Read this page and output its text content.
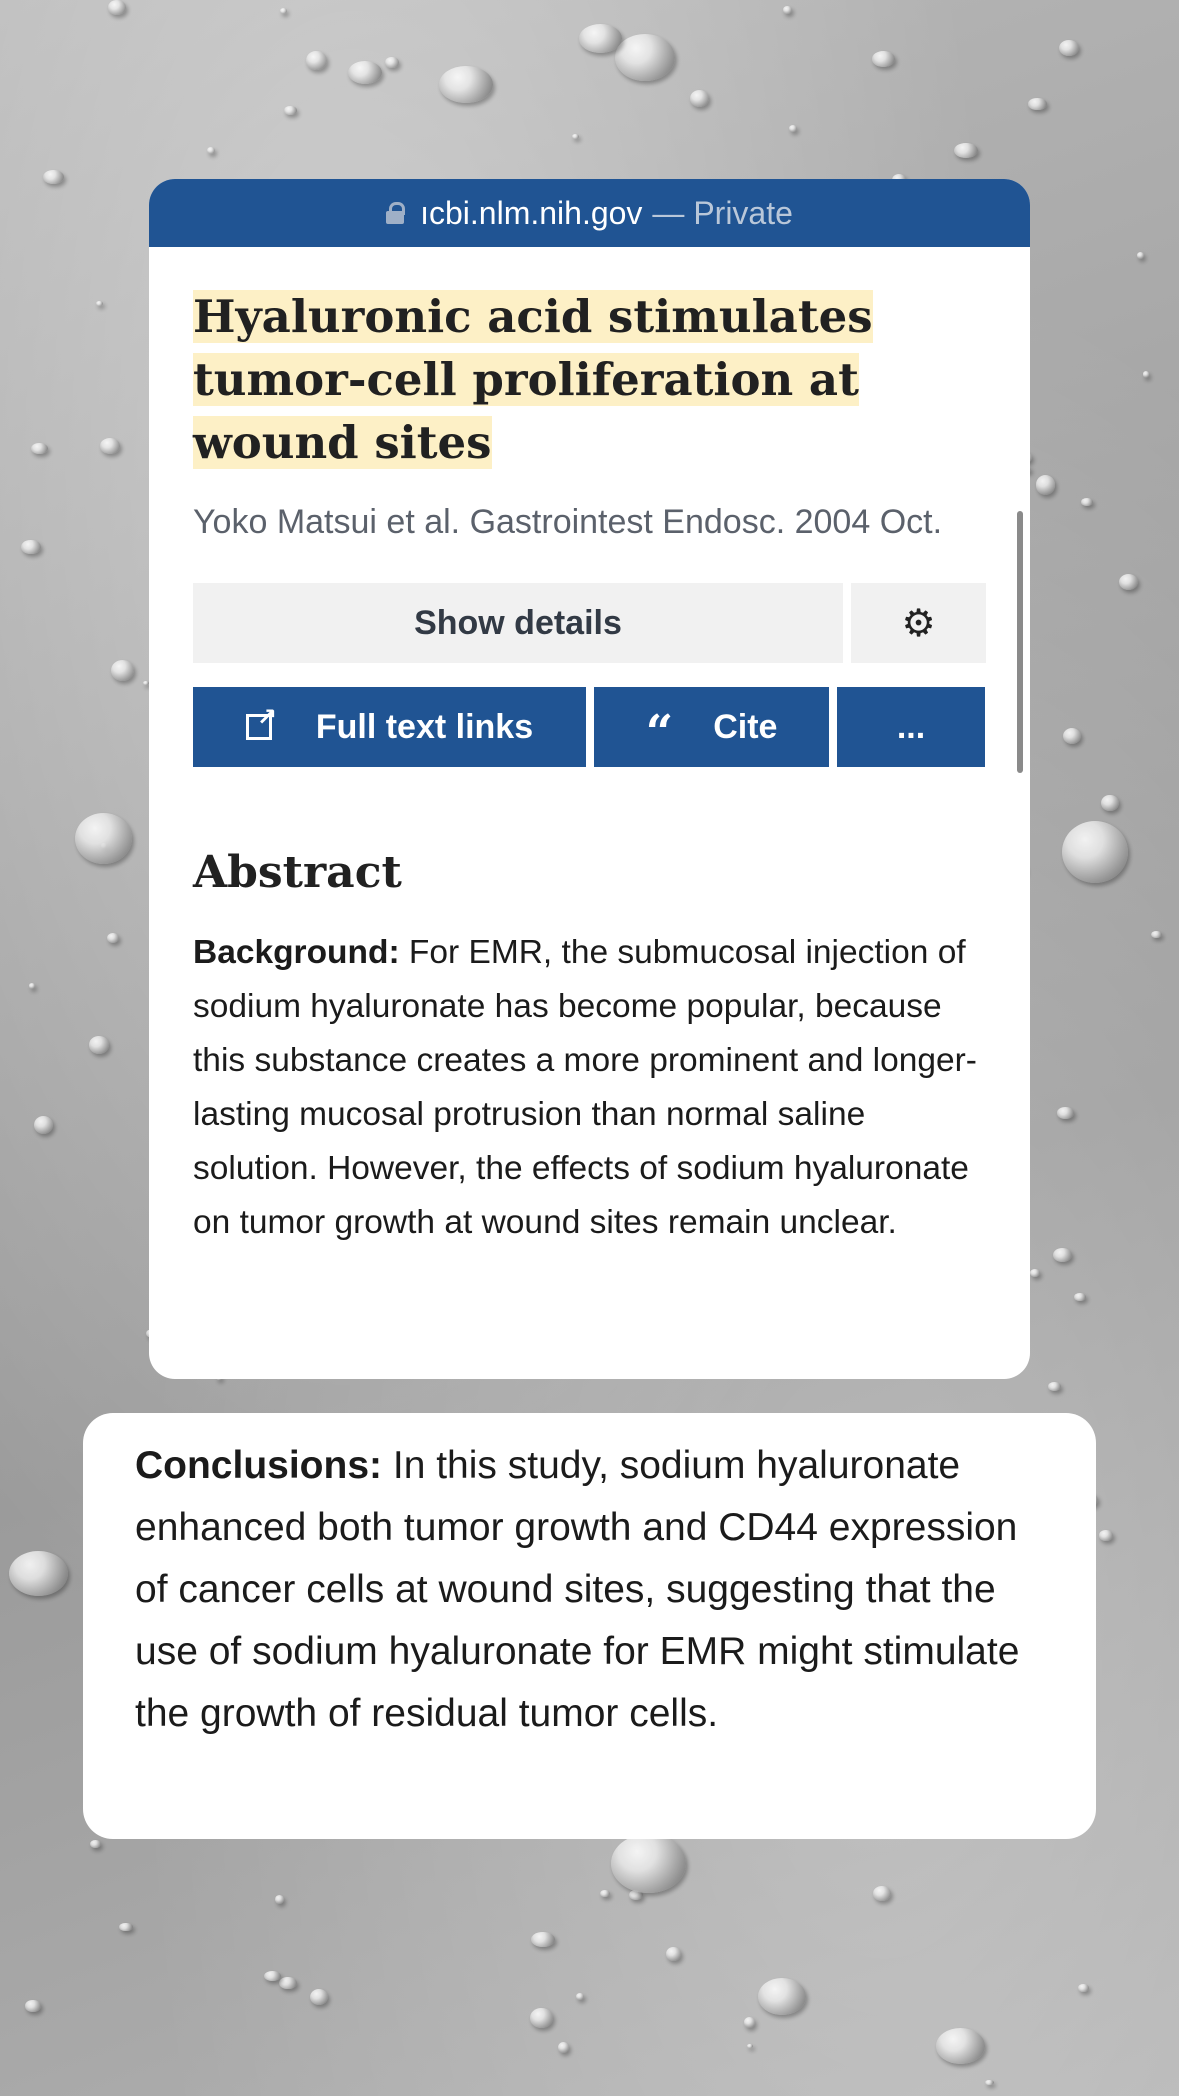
ıcbi.nlm.nih.gov — Private
Hyaluronic acid stimulates tumor-cell proliferation at wound sites
Yoko Matsui et al. Gastrointest Endosc. 2004 Oct.
Show details	⚙
↗
Full text links “ Cite	...
Abstract

Background: For EMR, the submucosal injection of sodium hyaluronate has become popular, because this substance creates a more prominent and longer-lasting mucosal protrusion than normal saline solution. However, the effects of sodium hyaluronate on tumor growth at wound sites remain unclear.

Conclusions: In this study, sodium hyaluronate enhanced both tumor growth and CD44 expression of cancer cells at wound sites, suggesting that the use of sodium hyaluronate for EMR might stimulate the growth of residual tumor cells.
